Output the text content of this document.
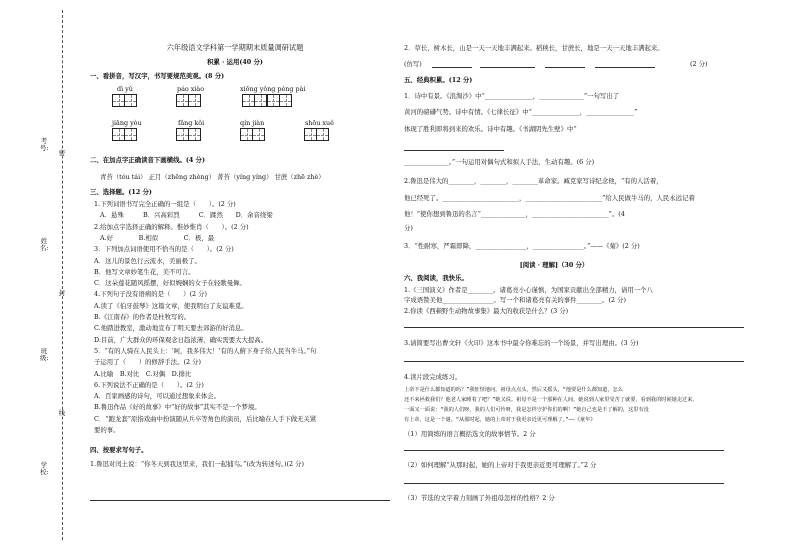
考号:
密
姓名:
封
班级:
线
学校:
六年级语文学科第一学期期末质量调研试题
积累 · 运用(40 分)
一、看拼音，写汉字，书写要规范美观。(8 分)
dì yǔ	páo xiào	xiōng yǒng péng pài
jiāng yòu	fǎng kǒi	qín jiàn	shōu xuě
二、在加点字正确读音下画横线。(4 分)
青苔（tóu tái） 正月（zhēng zhèng） 菁苔（yíng yíng） 甘蔗（zhē zhè）
三、选择题。(12 分)
1.下列词语书写完全正确的一组是（　　）。(2 分)
A．悬殊　　　B．兴高彩烈　　　C．蹂然　　D．余音绕梁
2.给加点字选择正确的解释。惟妙惟肖（　　）。(2 分)
A.好　　　　B.相似　　　　C．极，最
3．下列加点词语使用不恰当的是（　　）。(2 分)
A．这儿的景色行云流水，美丽极了。
B．他写文章妙笔生花，美不可言。
C．这朵莲花随风摇摆，好似婉娴的女子在轻歌曼舞。
4.下列句子没有语病的是（　　）(2 分)
A.读了《伯牙鼓琴》这篇文章，使我明白了友谊难觅。
B.《江南春》的作者是杜牧写的。
C.他踏进教室，激动地宣布了明天要去郊游的好消息。
D.目前，广大群众的环保观念日趋浓薄，确实需要大大提高。
5．“有的人骑在人民头上：‘呵，我多伟大！’有的人俯下身子给人民当牛马。”句
子运用了（　　）的修辞手法。(2 分)
A.比喻　B.对比　C.对偶　D.排比
6.下列说法不正确的是（　　）。(2 分)
A．百家画感的诗句，可以通过想象来体会。
B.鲁迅作品《好的故事》中“好的故事”其实不是一个梦境。
C．“跑龙套”原指戏曲中扮演随从兵卒等角色的演员，后比喻在人手下做无关紧
要的事。
四、按要求写句子。
1.鲁迅对闰土说：“你冬天到我这里来，我们一起捕鸟。”(改为转述句。)(2 分)
2．草长，树木长，山是一天一天地丰满起来。稻秧长，甘蔗长，地是一天一天地丰满起来。
(仿写)	(2 分)
五、经典积累。(12 分)
1．诗中有景。《浪淘沙》中“_______________，______________”一句写出了
黄河的磅礴气势。诗中有情。《七律长征》中“_______________，_______________”
体现了胜利即将到来的欢乐。诗中有趣。《书湖阴先生壁》中“
______________。”一句运用对偶句式和拟人手法，生动有趣。(6 分)
2.鲁迅是伟大的________，________，________革命家。臧克家写诗纪念他，“有的人活着，
他已经死了。________________________，________________________”给人民做牛马的，人民永远记着
他！”使你想到鲁迅的名言“______________，________________________”。(4
分)
3．“性耐寒，严霜即降，________________，________________。”——《菊》(2 分)
[阅读 · 理解]（30 分）
六、我阅读，我快乐。
1.《三国演义》作者是________。诸葛亮小心谨慎，为国家贡献出全部精力，请用一个八
字成语赞美他________________。写一个和诸葛亮有关的事件________。(2 分)
2.你读《西顿野生动物故事集》最大的收获是什么？(3 分)
3.请简要写出曹文轩《火印》这本书中最令你难忘的一个场景，并写出理由。(3 分)
4.读片段完成练习。
上帝不是什么都知道的吗？”我怔怔地问。祖母点点头，然后又摇头，“他要是什么都知道，怎么
还不来拯救我们？他老人家睡着了吧？”她又说。祖母不是一个那种在人间，她说到人家里受苦了就要，看到我的时候她走过来，
一面又一面说：“我的人们呀，我的人们可怜呀，我是怎样守护你们的啊！”她自己也是不了解的，这里有没
有上帝，这是一个谜。“从那时起，她的上帝对于我更亲近更可理解了。”——《童年》
（1）用简练的语言概括选文的故事情节。2 分
（2）如何理解“从那时起，她的上帝对于我更亲近更可理解了。”2 分
（3）节选的文字着力刻画了外祖母怎样的性格？2 分
